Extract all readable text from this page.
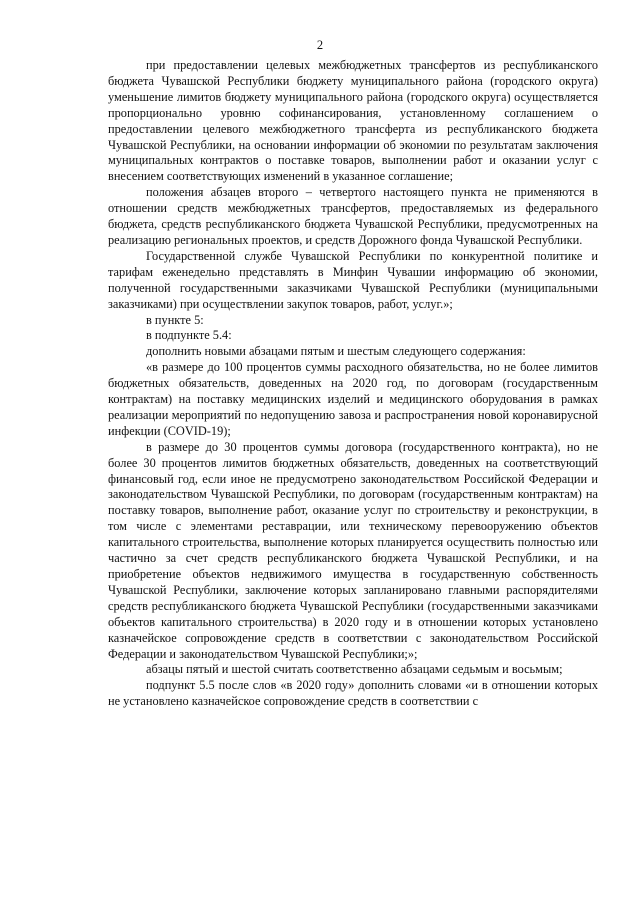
2

при предоставлении целевых межбюджетных трансфертов из республиканского бюджета Чувашской Республики бюджету муниципального района (городского округа) уменьшение лимитов бюджету муниципального района (городского округа) осуществляется пропорционально уровню софинансирования, установленному соглашением о предоставлении целевого межбюджетного трансферта из республиканского бюджета Чувашской Республики, на основании информации об экономии по результатам заключения муниципальных контрактов о поставке товаров, выполнении работ и оказании услуг с внесением соответствующих изменений в указанное соглашение;

положения абзацев второго – четвертого настоящего пункта не применяются в отношении средств межбюджетных трансфертов, предоставляемых из федерального бюджета, средств республиканского бюджета Чувашской Республики, предусмотренных на реализацию региональных проектов, и средств Дорожного фонда Чувашской Республики.

Государственной службе Чувашской Республики по конкурентной политике и тарифам еженедельно представлять в Минфин Чувашии информацию об экономии, полученной государственными заказчиками Чувашской Республики (муниципальными заказчиками) при осуществлении закупок товаров, работ, услуг.»;

в пункте 5:

в подпункте 5.4:

дополнить новыми абзацами пятым и шестым следующего содержания:

«в размере до 100 процентов суммы расходного обязательства, но не более лимитов бюджетных обязательств, доведенных на 2020 год, по договорам (государственным контрактам) на поставку медицинских изделий и медицинского оборудования в рамках реализации мероприятий по недопущению завоза и распространения новой коронавирусной инфекции (COVID-19);

в размере до 30 процентов суммы договора (государственного контракта), но не более 30 процентов лимитов бюджетных обязательств, доведенных на соответствующий финансовый год, если иное не предусмотрено законодательством Российской Федерации и законодательством Чувашской Республики, по договорам (государственным контрактам) на поставку товаров, выполнение работ, оказание услуг по строительству и реконструкции, в том числе с элементами реставрации, или техническому перевооружению объектов капитального строительства, выполнение которых планируется осуществить полностью или частично за счет средств республиканского бюджета Чувашской Республики, и на приобретение объектов недвижимого имущества в государственную собственность Чувашской Республики, заключение которых запланировано главными распорядителями средств республиканского бюджета Чувашской Республики (государственными заказчиками объектов капитального строительства) в 2020 году и в отношении которых установлено казначейское сопровождение средств в соответствии с законодательством Российской Федерации и законодательством Чувашской Республики;»;

абзацы пятый и шестой считать соответственно абзацами седьмым и восьмым;

подпункт 5.5 после слов «в 2020 году» дополнить словами «и в отношении которых не установлено казначейское сопровождение средств в соответствии с
